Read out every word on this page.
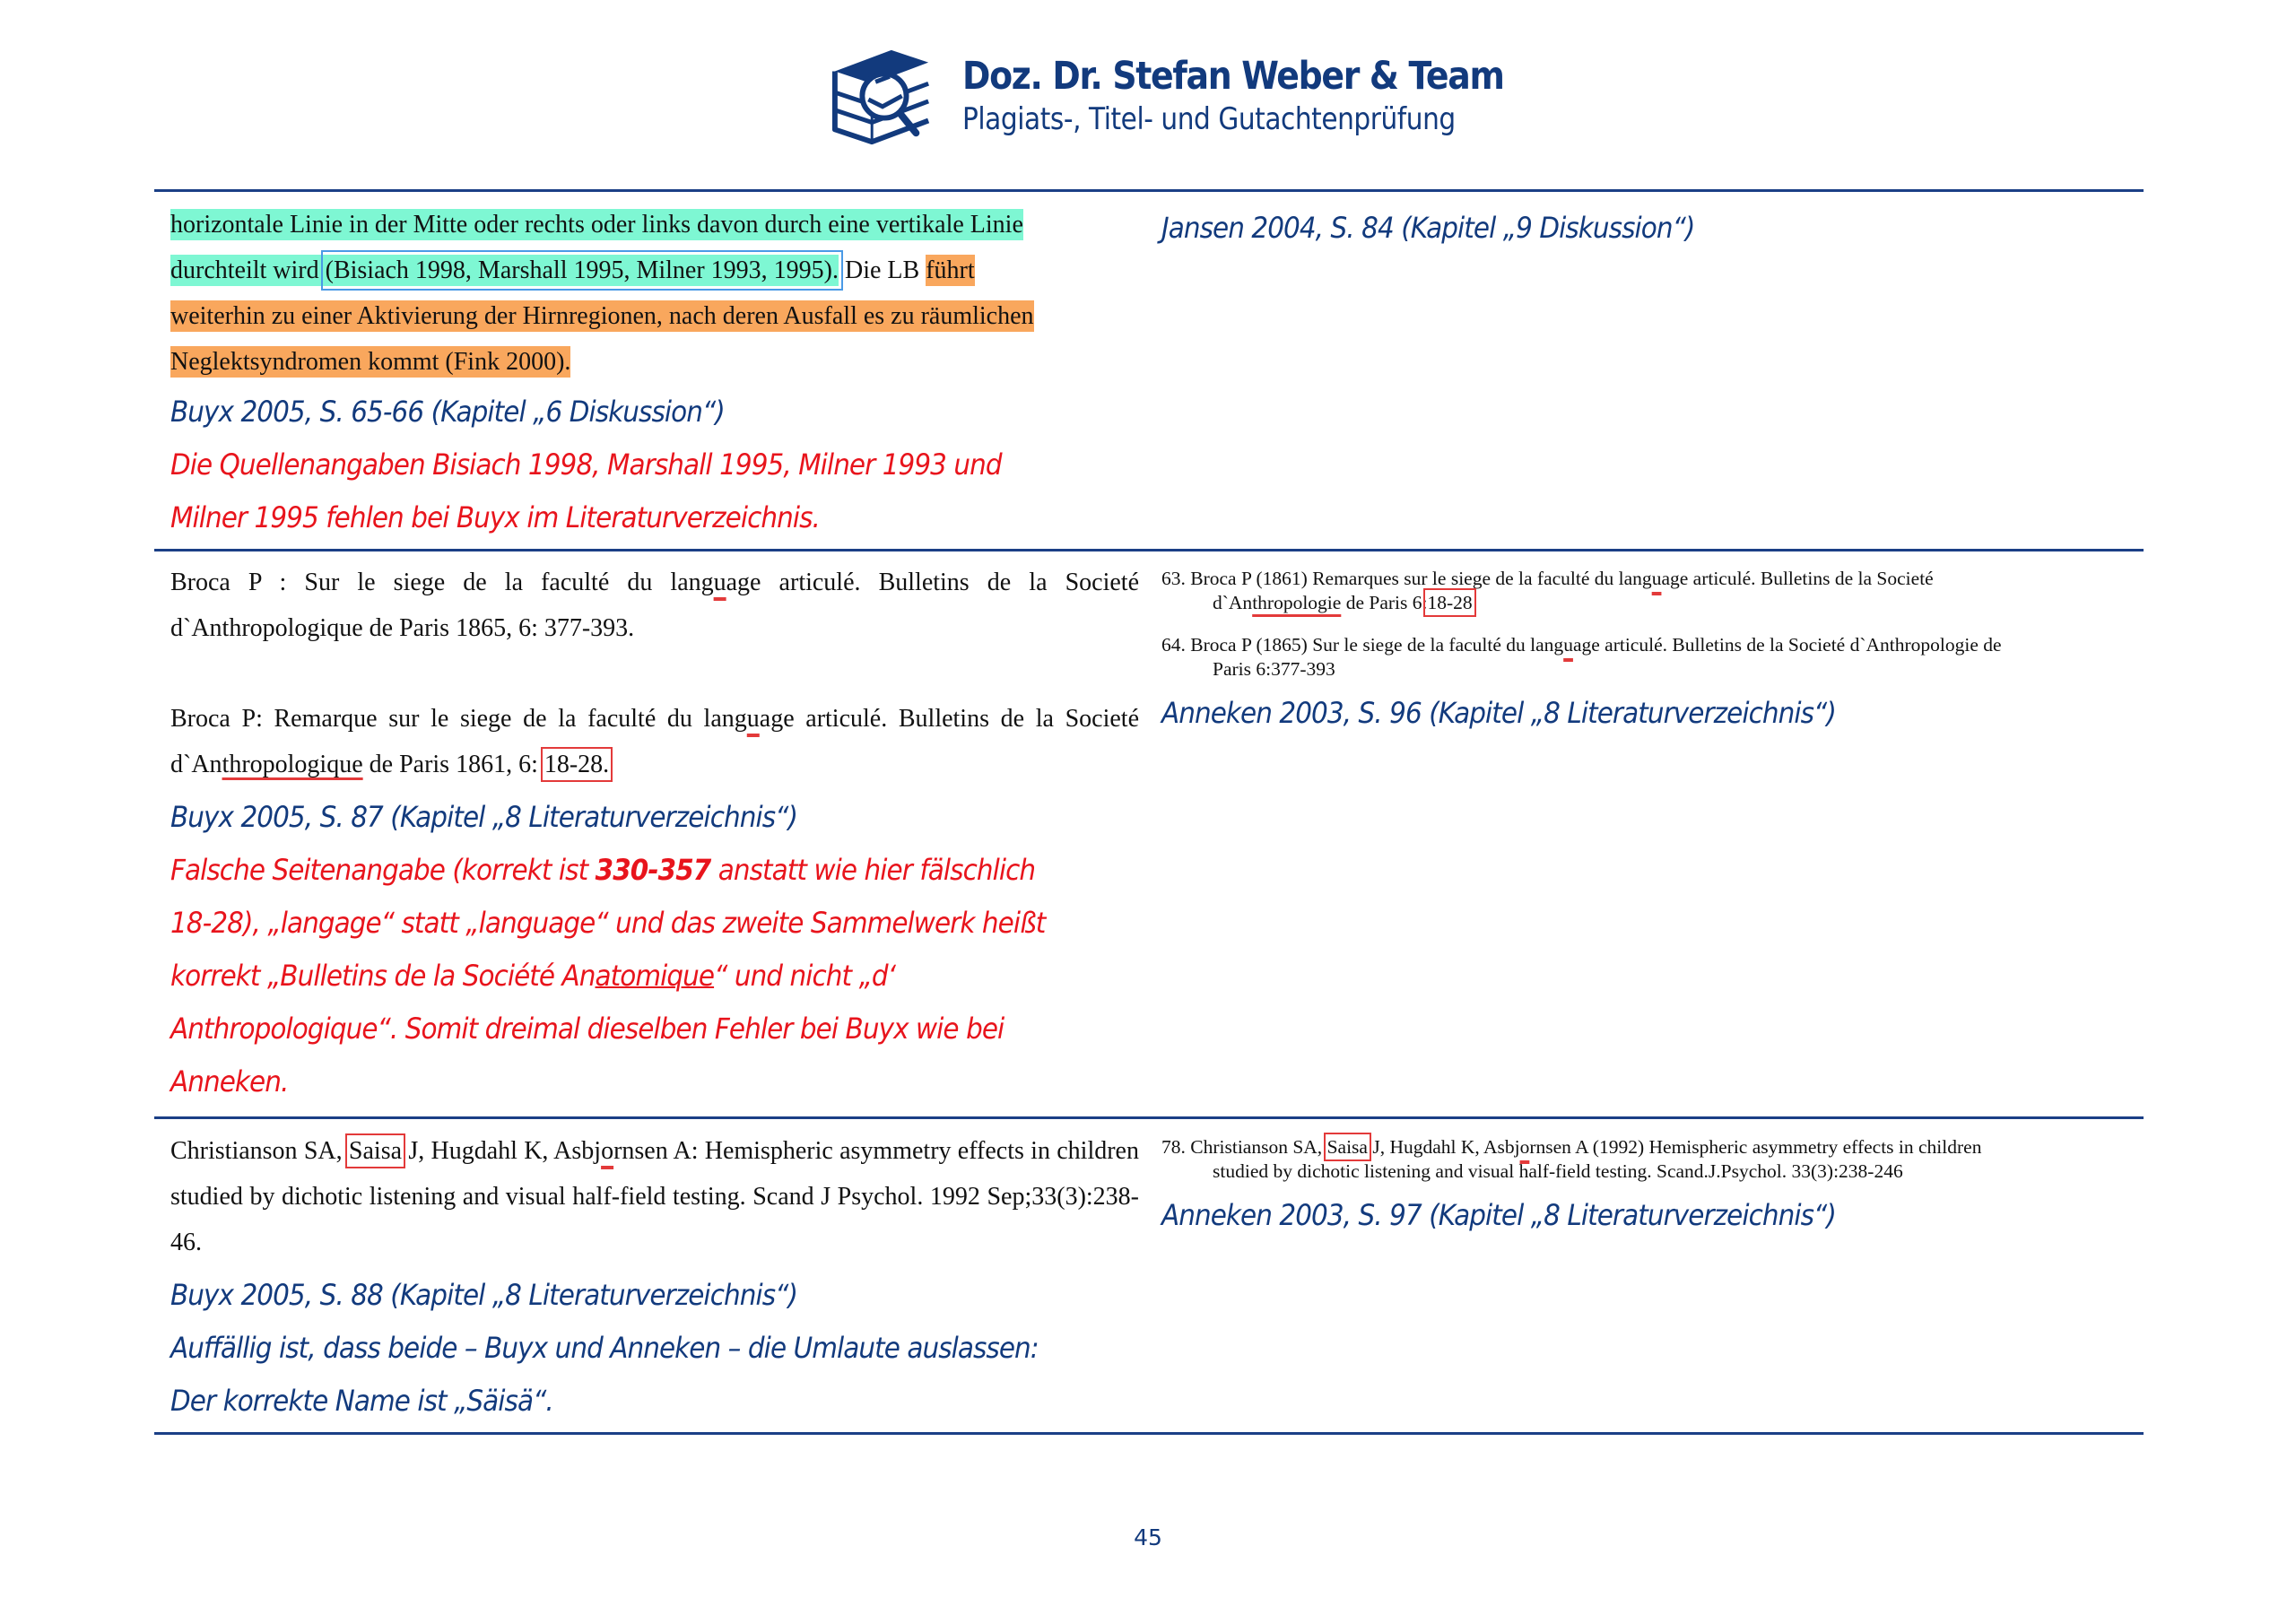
Doz. Dr. Stefan Weber & Team
Plagiats-, Titel- und Gutachtenprüfung
horizontale Linie in der Mitte oder rechts oder links davon durch eine vertikale Linie
durchteilt wird (Bisiach 1998, Marshall 1995, Milner 1993, 1995). Die LB führt
weiterhin zu einer Aktivierung der Hirnregionen, nach deren Ausfall es zu räumlichen
Neglektsyndromen kommt (Fink 2000).
Buyx 2005, S. 65-66 (Kapitel „6 Diskussion“)
Die Quellenangaben Bisiach 1998, Marshall 1995, Milner 1993 und
Milner 1995 fehlen bei Buyx im Literaturverzeichnis.
Jansen 2004, S. 84 (Kapitel „9 Diskussion“)
Broca P : Sur le siege de la faculté du language articulé. Bulletins de la Societé d`Anthropologique de Paris 1865, 6: 377-393.
Broca P: Remarque sur le siege de la faculté du language articulé. Bulletins de la Societé d`Anthropologique de Paris 1861, 6: 18-28.
Buyx 2005, S. 87 (Kapitel „8 Literaturverzeichnis“)
Falsche Seitenangabe (korrekt ist 330-357 anstatt wie hier fälschlich
18-28), „langage“ statt „language“ und das zweite Sammelwerk heißt
korrekt „Bulletins de la Société Anatomique“ und nicht „d‘
Anthropologique“. Somit dreimal dieselben Fehler bei Buyx wie bei
Anneken.
63. Broca P (1861) Remarques sur le siege de la faculté du language articulé. Bulletins de la Societé
d`Anthropologie de Paris 6:18-28
64. Broca P (1865) Sur le siege de la faculté du language articulé. Bulletins de la Societé d`Anthropologie de
Paris 6:377-393
Anneken 2003, S. 96 (Kapitel „8 Literaturverzeichnis“)
Christianson SA, Saisa J, Hugdahl K, Asbjornsen A: Hemispheric asymmetry effects in children studied by dichotic listening and visual half-field testing. Scand J Psychol. 1992 Sep;33(3):238-46.
Buyx 2005, S. 88 (Kapitel „8 Literaturverzeichnis“)
Auffällig ist, dass beide – Buyx und Anneken – die Umlaute auslassen:
Der korrekte Name ist „Säisä“.
78. Christianson SA, Saisa J, Hugdahl K, Asbjornsen A (1992) Hemispheric asymmetry effects in children
studied by dichotic listening and visual half-field testing. Scand.J.Psychol. 33(3):238-246
Anneken 2003, S. 97 (Kapitel „8 Literaturverzeichnis“)
45
